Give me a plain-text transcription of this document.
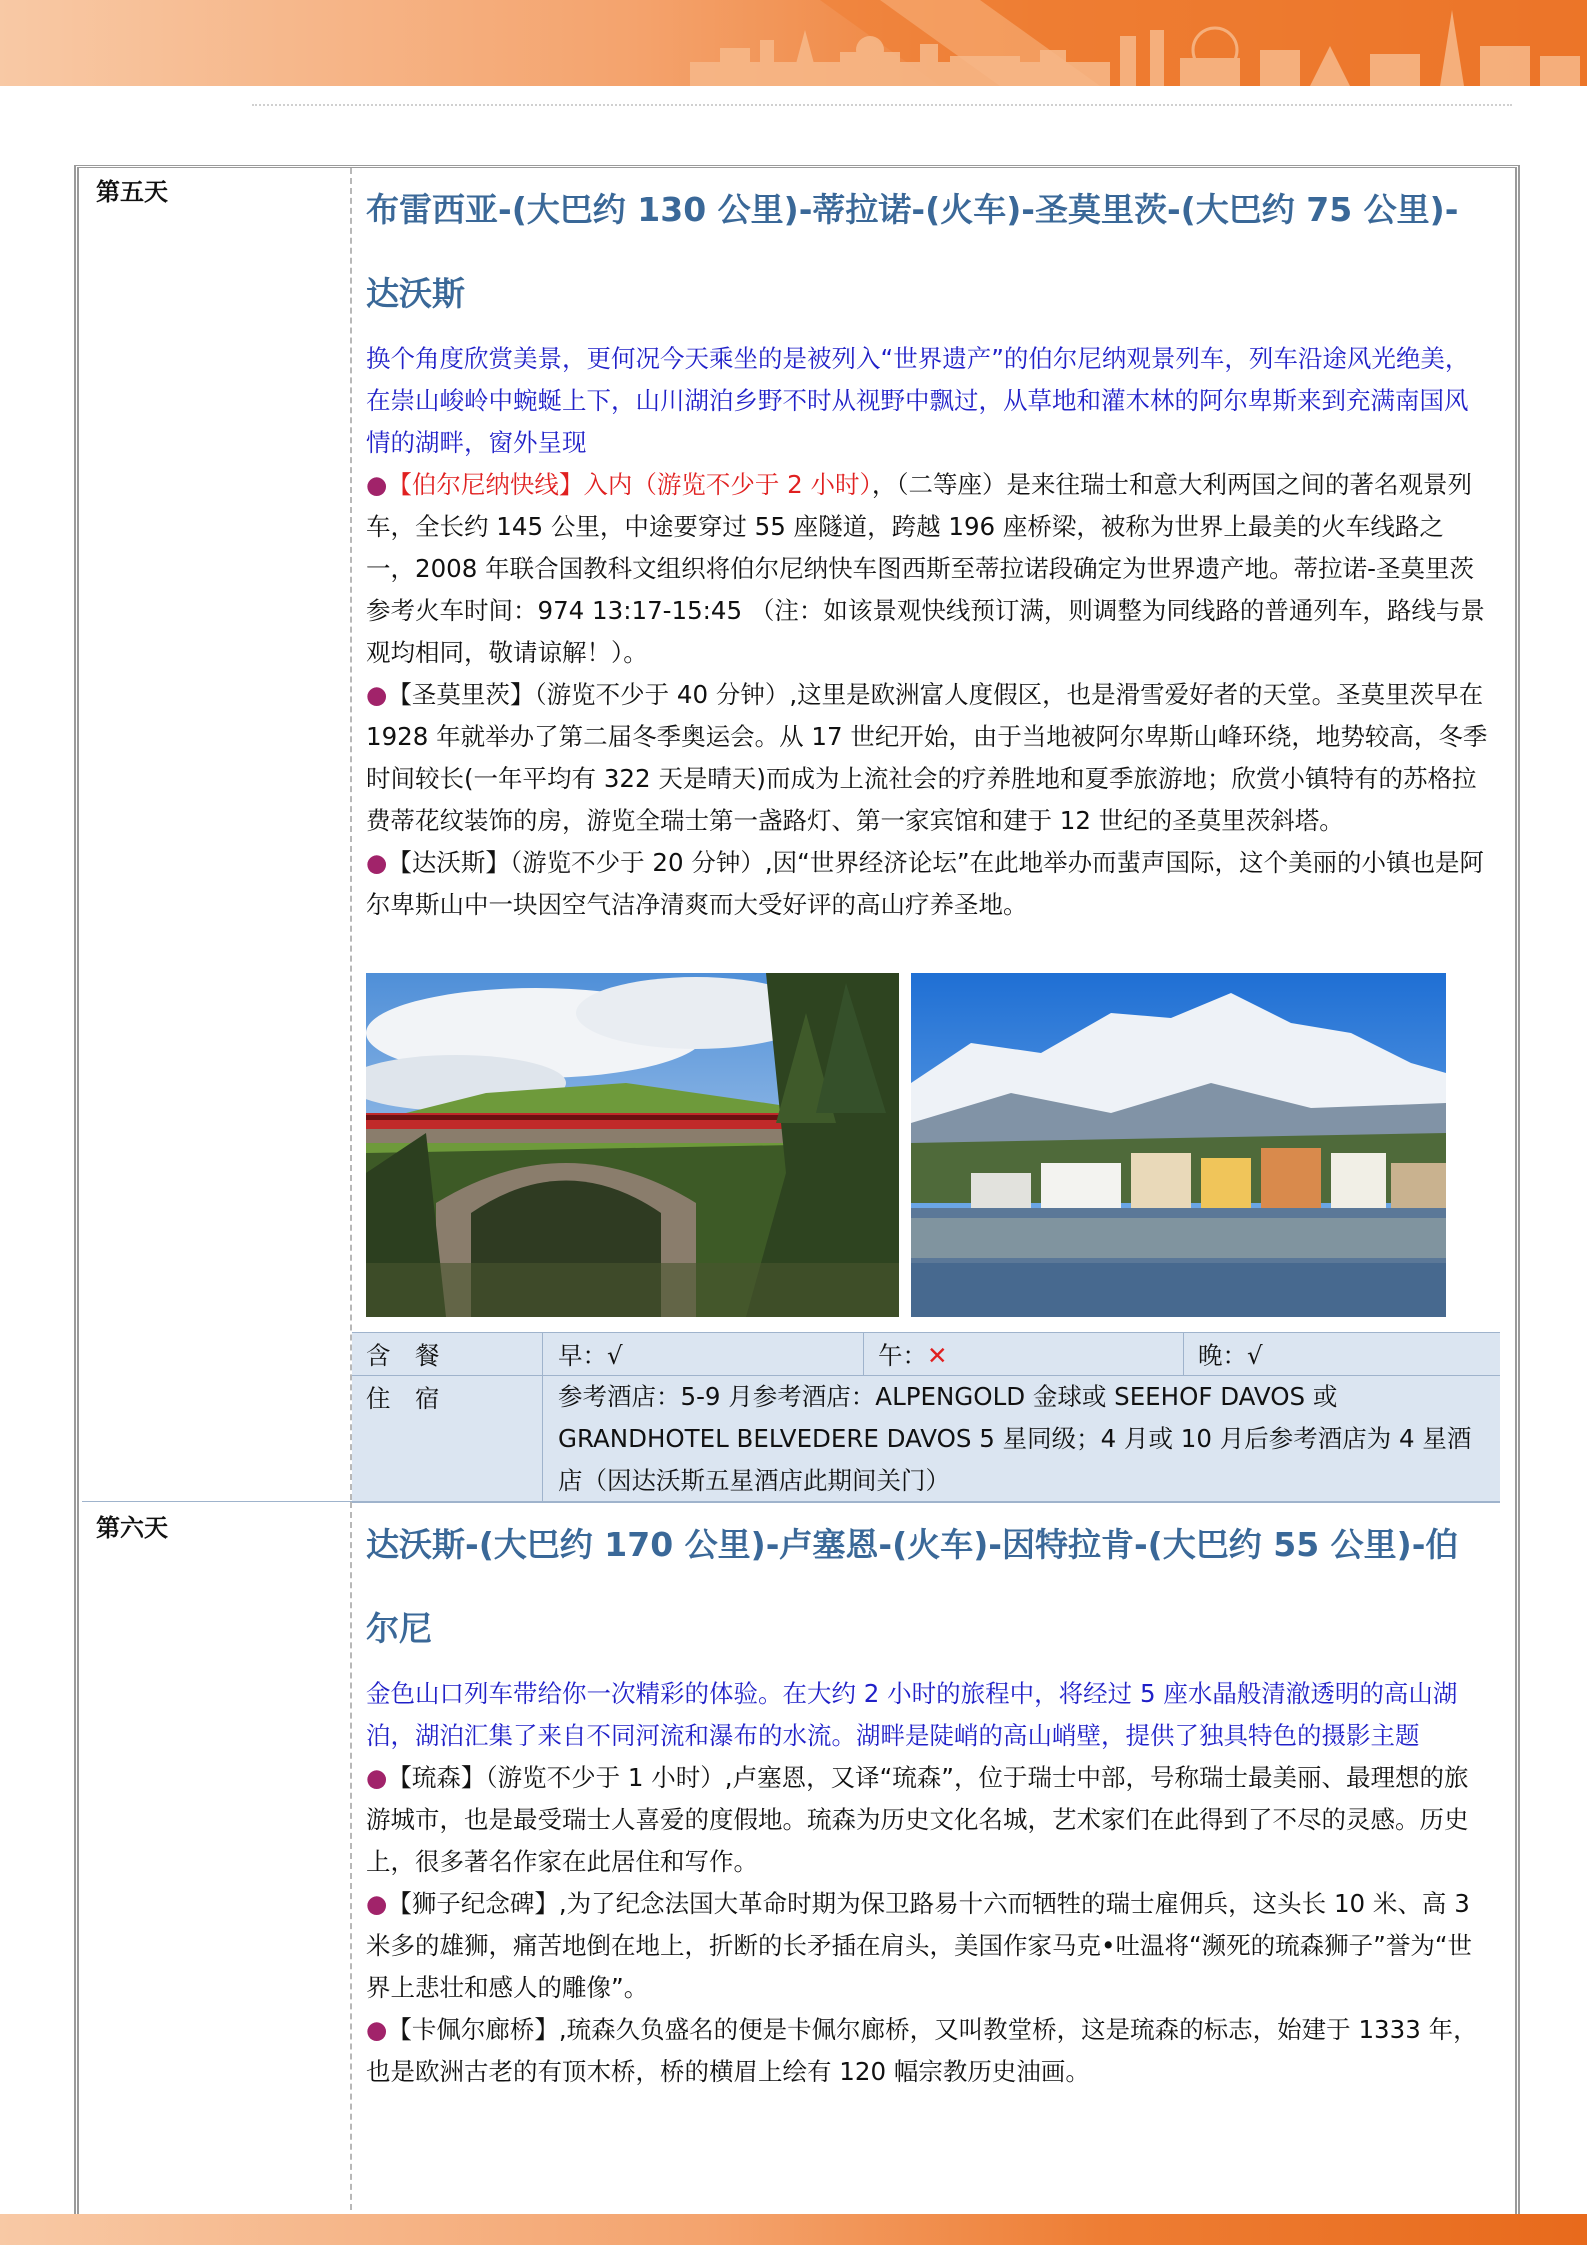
第五天	布雷西亚-(大巴约 130 公里)-蒂拉诺-(火车)-圣莫里茨-(大巴约 75 公里)-达沃斯

换个角度欣赏美景，更何况今天乘坐的是被列入“世界遗产”的伯尔尼纳观景列车，列车沿途风光绝美，在崇山峻岭中蜿蜒上下，山川湖泊乡野不时从视野中飘过，从草地和灌木林的阿尔卑斯来到充满南国风情的湖畔，窗外呈现

●【伯尔尼纳快线】入内（游览不少于 2 小时），（二等座）是来往瑞士和意大利两国之间的著名观景列车，全长约 145 公里，中途要穿过 55 座隧道，跨越 196 座桥梁，被称为世界上最美的火车线路之一，2008 年联合国教科文组织将伯尔尼纳快车图西斯至蒂拉诺段确定为世界遗产地。蒂拉诺-圣莫里茨参考火车时间：974 13:17-15:45 （注：如该景观快线预订满，则调整为同线路的普通列车，路线与景观均相同，敬请谅解！）。

●【圣莫里茨】（游览不少于 40 分钟）,这里是欧洲富人度假区，也是滑雪爱好者的天堂。圣莫里茨早在 1928 年就举办了第二届冬季奥运会。从 17 世纪开始，由于当地被阿尔卑斯山峰环绕，地势较高，冬季时间较长(一年平均有 322 天是晴天)而成为上流社会的疗养胜地和夏季旅游地；欣赏小镇特有的苏格拉费蒂花纹装饰的房，游览全瑞士第一盏路灯、第一家宾馆和建于 12 世纪的圣莫里茨斜塔。

●【达沃斯】（游览不少于 20 分钟）,因“世界经济论坛”在此地举办而蜚声国际，这个美丽的小镇也是阿尔卑斯山中一块因空气洁净清爽而大受好评的高山疗养圣地。

含　餐	早：√	午：✕	晚：√
住　宿	参考酒店：5-9 月参考酒店：ALPENGOLD 金球或 SEEHOF DAVOS 或 GRANDHOTEL BELVEDERE DAVOS 5 星同级；4 月或 10 月后参考酒店为 4 星酒店（因达沃斯五星酒店此期间关门）
第六天	达沃斯-(大巴约 170 公里)-卢塞恩-(火车)-因特拉肯-(大巴约 55 公里)-伯尔尼

金色山口列车带给你一次精彩的体验。在大约 2 小时的旅程中，将经过 5 座水晶般清澈透明的高山湖泊，湖泊汇集了来自不同河流和瀑布的水流。湖畔是陡峭的高山峭壁，提供了独具特色的摄影主题

●【琉森】（游览不少于 1 小时）,卢塞恩，又译“琉森”，位于瑞士中部，号称瑞士最美丽、最理想的旅游城市，也是最受瑞士人喜爱的度假地。琉森为历史文化名城，艺术家们在此得到了不尽的灵感。历史上，很多著名作家在此居住和写作。

●【狮子纪念碑】,为了纪念法国大革命时期为保卫路易十六而牺牲的瑞士雇佣兵，这头长 10 米、高 3 米多的雄狮，痛苦地倒在地上，折断的长矛插在肩头，美国作家马克•吐温将“濒死的琉森狮子”誉为“世界上悲壮和感人的雕像”。

●【卡佩尔廊桥】,琉森久负盛名的便是卡佩尔廊桥，又叫教堂桥，这是琉森的标志，始建于 1333 年，也是欧洲古老的有顶木桥，桥的横眉上绘有 120 幅宗教历史油画。
